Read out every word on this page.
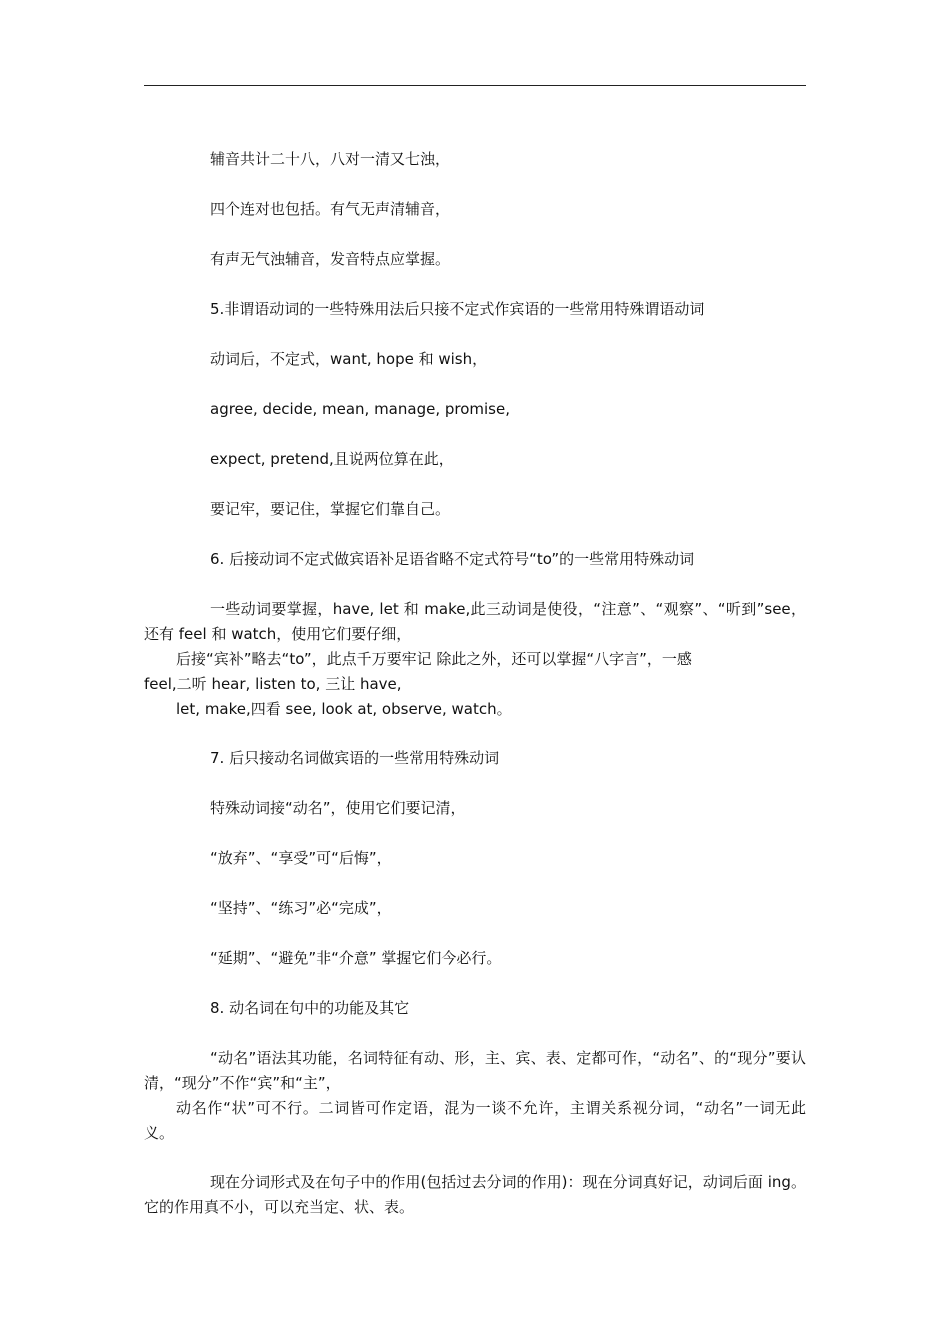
辅音共计二十八，八对一清又七浊，
四个连对也包括。有气无声清辅音，
有声无气浊辅音，发音特点应掌握。
5.非谓语动词的一些特殊用法后只接不定式作宾语的一些常用特殊谓语动词
动词后，不定式，want, hope 和 wish，
agree, decide, mean, manage, promise,
expect, pretend,且说两位算在此，
要记牢，要记住，掌握它们靠自己。
6. 后接动词不定式做宾语补足语省略不定式符号“to”的一些常用特殊动词
一些动词要掌握，have, let 和 make,此三动词是使役，“注意”、“观察”、“听到”see，还有 feel 和 watch，使用它们要仔细，
后接“宾补”略去“to”，此点千万要牢记 除此之外，还可以掌握“八字言”，一感
feel,二听 hear, listen to, 三让 have,
let, make,四看 see, look at, observe, watch。
7. 后只接动名词做宾语的一些常用特殊动词
特殊动词接“动名”，使用它们要记清，
“放弃”、“享受”可“后悔”，
“坚持”、“练习”必“完成”，
“延期”、“避免”非“介意” 掌握它们今必行。
8. 动名词在句中的功能及其它
“动名”语法其功能，名词特征有动、形，主、宾、表、定都可作，“动名”、的“现分”要认清，“现分”不作“宾”和“主”，
动名作“状”可不行。二词皆可作定语，混为一谈不允许，主谓关系视分词，“动名”一词无此义。
现在分词形式及在句子中的作用(包括过去分词的作用)：现在分词真好记，动词后面 ing。它的作用真不小，可以充当定、状、表。
